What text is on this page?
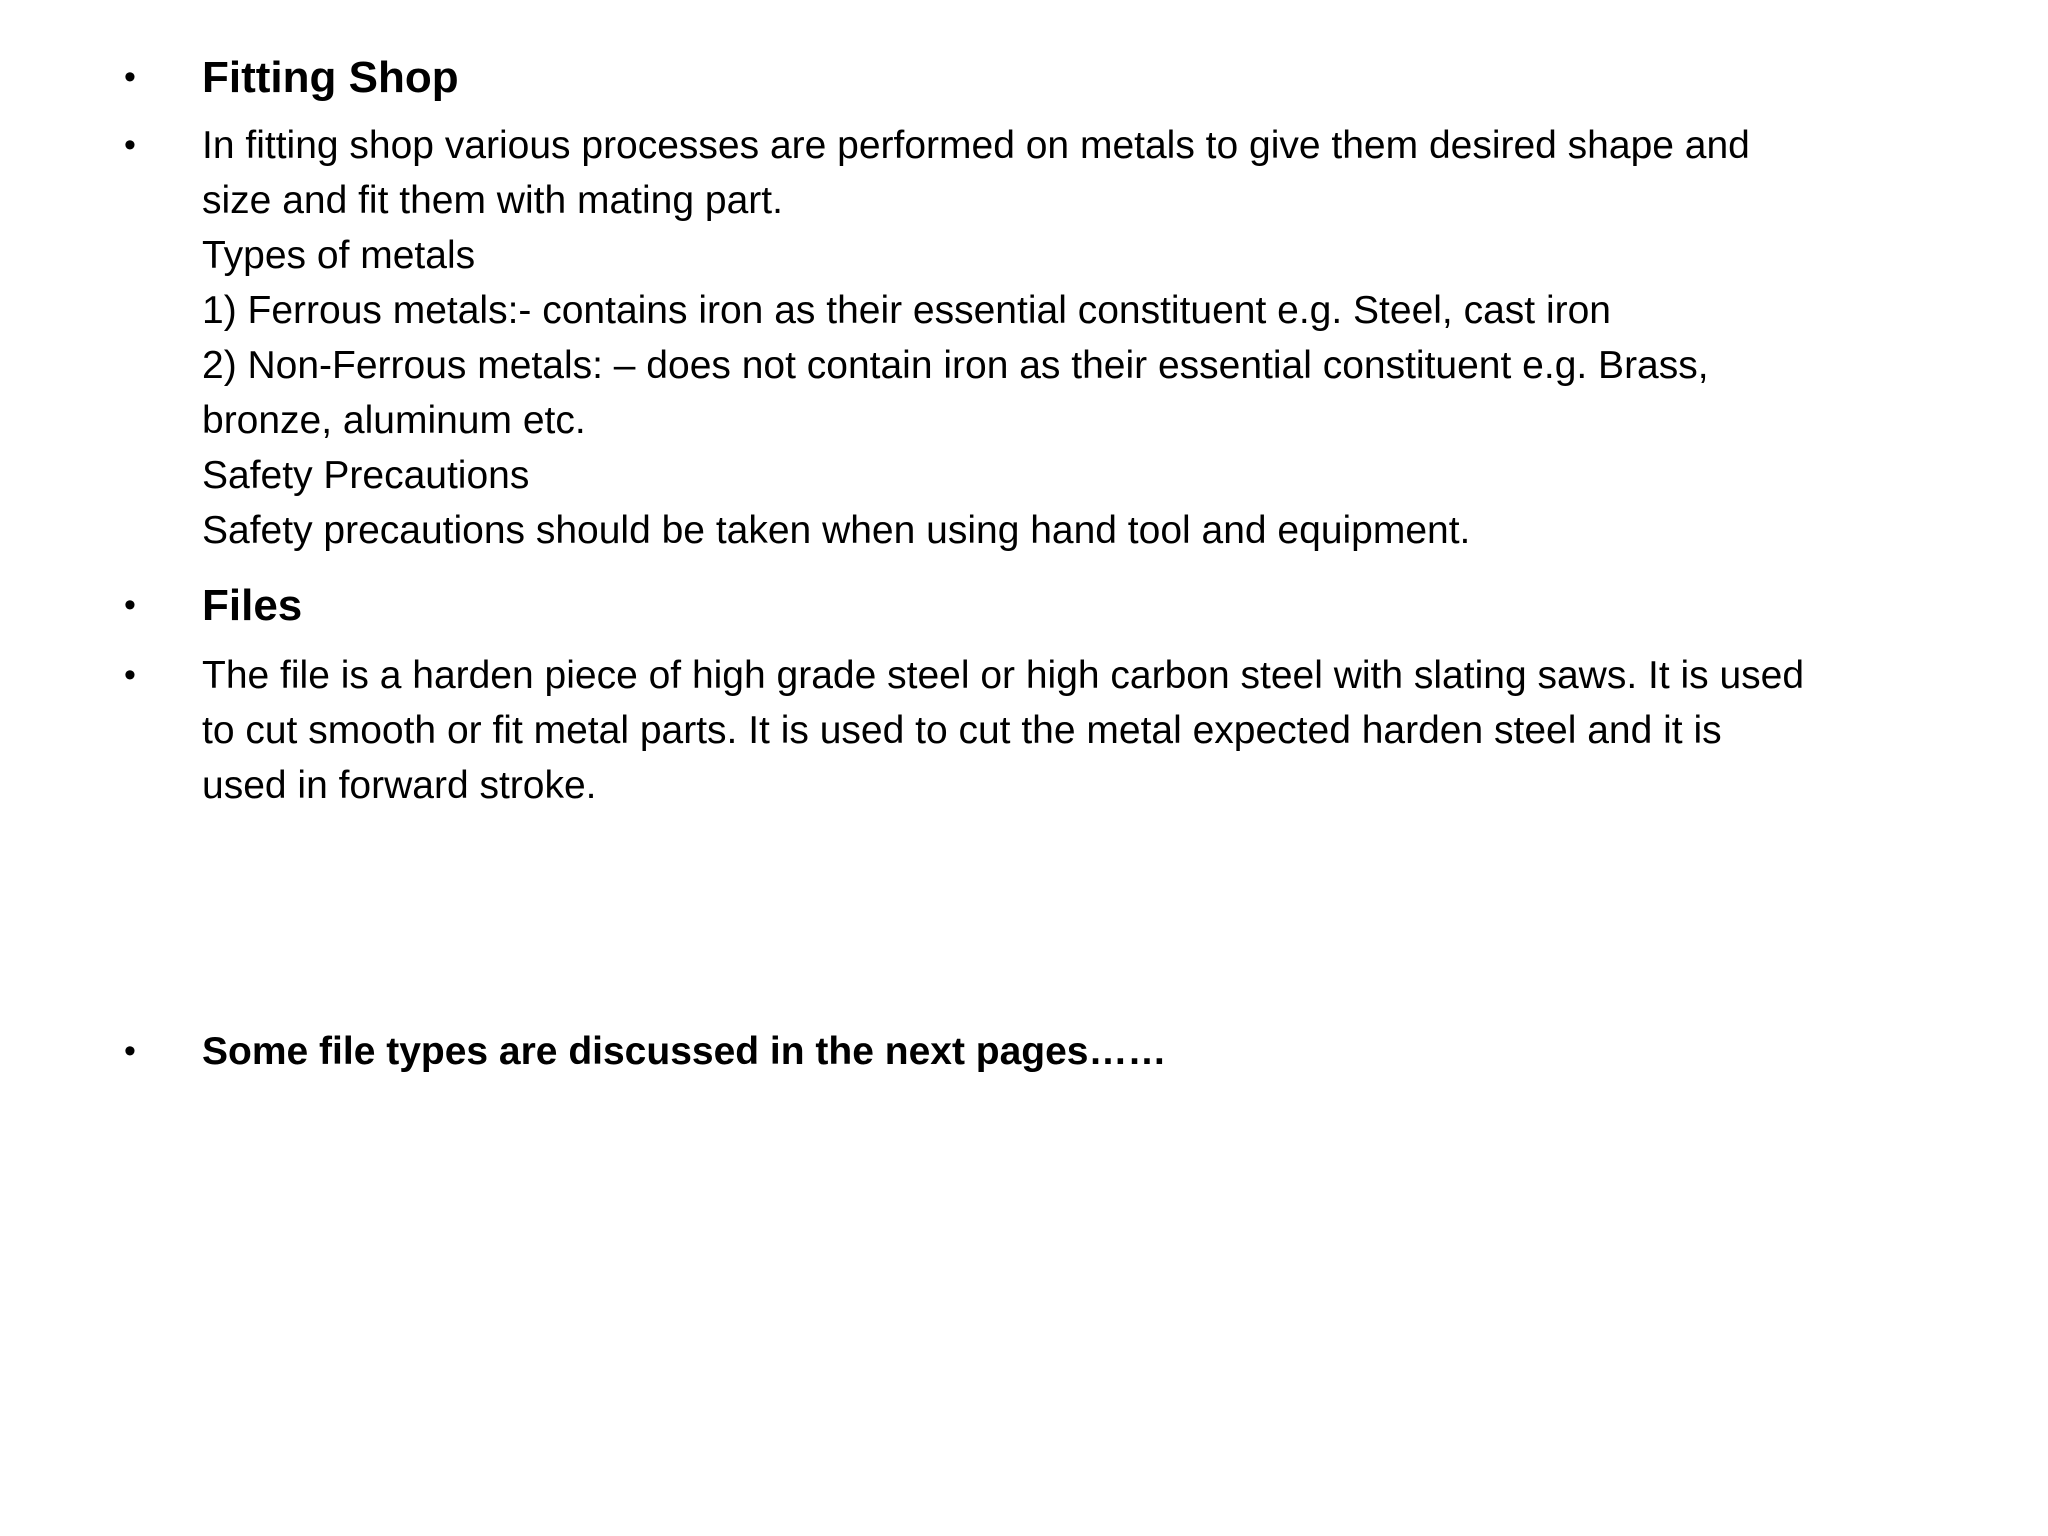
• Fitting Shop
• In fitting shop various processes are performed on metals to give them desired shape and
size and fit them with mating part.
Types of metals
1) Ferrous metals:- contains iron as their essential constituent e.g. Steel, cast iron
2) Non-Ferrous metals: – does not contain iron as their essential constituent e.g. Brass,
bronze, aluminum etc.
Safety Precautions
Safety precautions should be taken when using hand tool and equipment.
• Files
• The file is a harden piece of high grade steel or high carbon steel with slating saws. It is used
to cut smooth or fit metal parts. It is used to cut the metal expected harden steel and it is
used in forward stroke.
• Some file types are discussed in the next pages……
